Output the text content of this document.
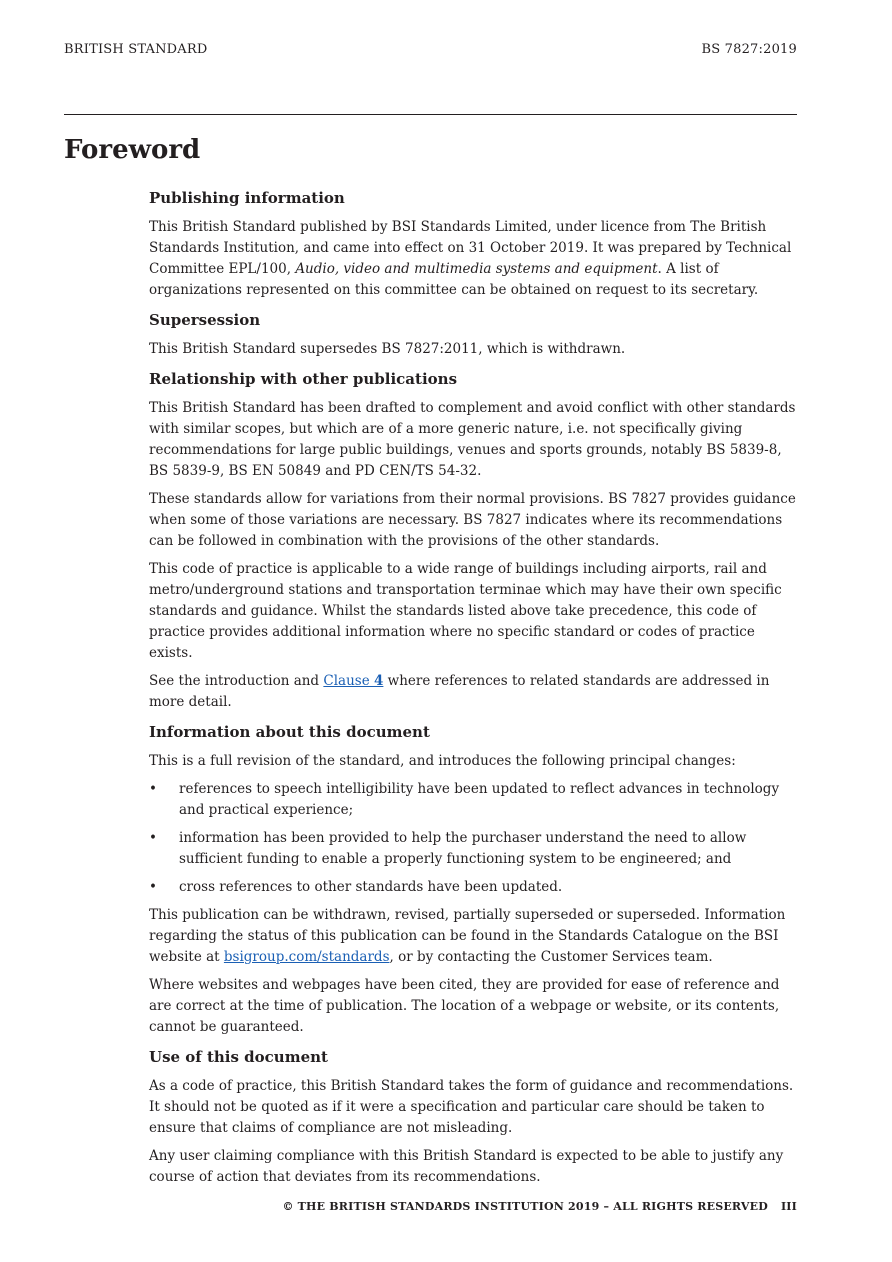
BRITISH STANDARD	BS 7827:2019
Foreword
Publishing information

This British Standard published by BSI Standards Limited, under licence from The British Standards Institution, and came into effect on 31 October 2019. It was prepared by Technical Committee EPL/100, Audio, video and multimedia systems and equipment. A list of organizations represented on this committee can be obtained on request to its secretary.

Supersession

This British Standard supersedes BS 7827:2011, which is withdrawn.

Relationship with other publications

This British Standard has been drafted to complement and avoid conflict with other standards with similar scopes, but which are of a more generic nature, i.e. not specifically giving recommendations for large public buildings, venues and sports grounds, notably BS 5839-8, BS 5839-9, BS EN 50849 and PD CEN/TS 54-32.

These standards allow for variations from their normal provisions. BS 7827 provides guidance when some of those variations are necessary. BS 7827 indicates where its recommendations can be followed in combination with the provisions of the other standards.

This code of practice is applicable to a wide range of buildings including airports, rail and metro/underground stations and transportation terminae which may have their own specific standards and guidance. Whilst the standards listed above take precedence, this code of practice provides additional information where no specific standard or codes of practice exists.

See the introduction and Clause 4 where references to related standards are addressed in more detail.

Information about this document

This is a full revision of the standard, and introduces the following principal changes:

• references to speech intelligibility have been updated to reflect advances in technology and practical experience;
• information has been provided to help the purchaser understand the need to allow sufficient funding to enable a properly functioning system to be engineered; and
• cross references to other standards have been updated.

This publication can be withdrawn, revised, partially superseded or superseded. Information regarding the status of this publication can be found in the Standards Catalogue on the BSI website at bsigroup.com/standards, or by contacting the Customer Services team.

Where websites and webpages have been cited, they are provided for ease of reference and are correct at the time of publication. The location of a webpage or website, or its contents, cannot be guaranteed.

Use of this document

As a code of practice, this British Standard takes the form of guidance and recommendations. It should not be quoted as if it were a specification and particular care should be taken to ensure that claims of compliance are not misleading.

Any user claiming compliance with this British Standard is expected to be able to justify any course of action that deviates from its recommendations.

© THE BRITISH STANDARDS INSTITUTION 2019 – ALL RIGHTS RESERVED III
